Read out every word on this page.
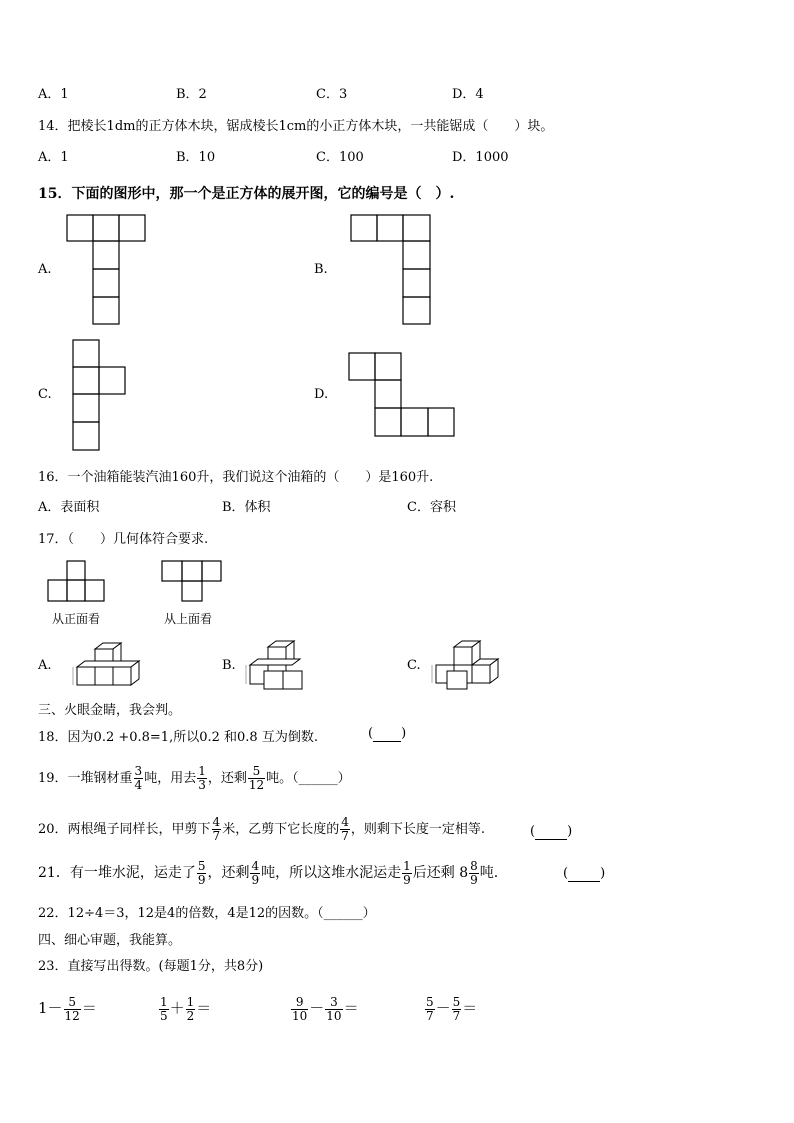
A．1	B．2	C．3	D．4
14．把棱长1dm的正方体木块，锯成棱长1cm的小正方体木块，一共能锯成（　　）块。
A．1	B．10	C．100	D．1000
15．下面的图形中，那一个是正方体的展开图，它的编号是（　）.
A.	B.
C.	D.
16．一个油箱能装汽油160升，我们说这个油箱的（　　）是160升.
A．表面积	B．体积	C．容积
17．（　　）几何体符合要求.
从正面看	从上面看
A.	B.	C.
三、火眼金睛，我会判。
18．因为0.2 +0.8=1,所以0.2 和0.8 互为倒数.	( )
19．一堆钢材重 $\frac{3}{4}$ 吨，用去 $\frac{1}{3}$ ，还剩 $\frac{5}{12}$ 吨。（______）
20．两根绳子同样长，甲剪下 $\frac{4}{7}$ 米，乙剪下它长度的 $\frac{4}{7}$ ，则剩下长度一定相等.	( )
21．有一堆水泥，运走了 $\frac{5}{9}$ ，还剩 $\frac{4}{9}$ 吨，所以这堆水泥运走 $\frac{1}{9}$ 后还剩 $8 \frac{8}{9}$ 吨.	( )
22．12÷4＝3，12是4的倍数，4是12的因数。（______）
四、细心审题，我能算。
23．直接写出得数。(每题1分，共8分)
$1- \frac{5}{12}$ ＝	$\frac{1}{5} + \frac{1}{2}$ ＝	$\frac{9}{10} - \frac{3}{10}$ ＝	$\frac{5}{7} - \frac{5}{7}$ ＝
